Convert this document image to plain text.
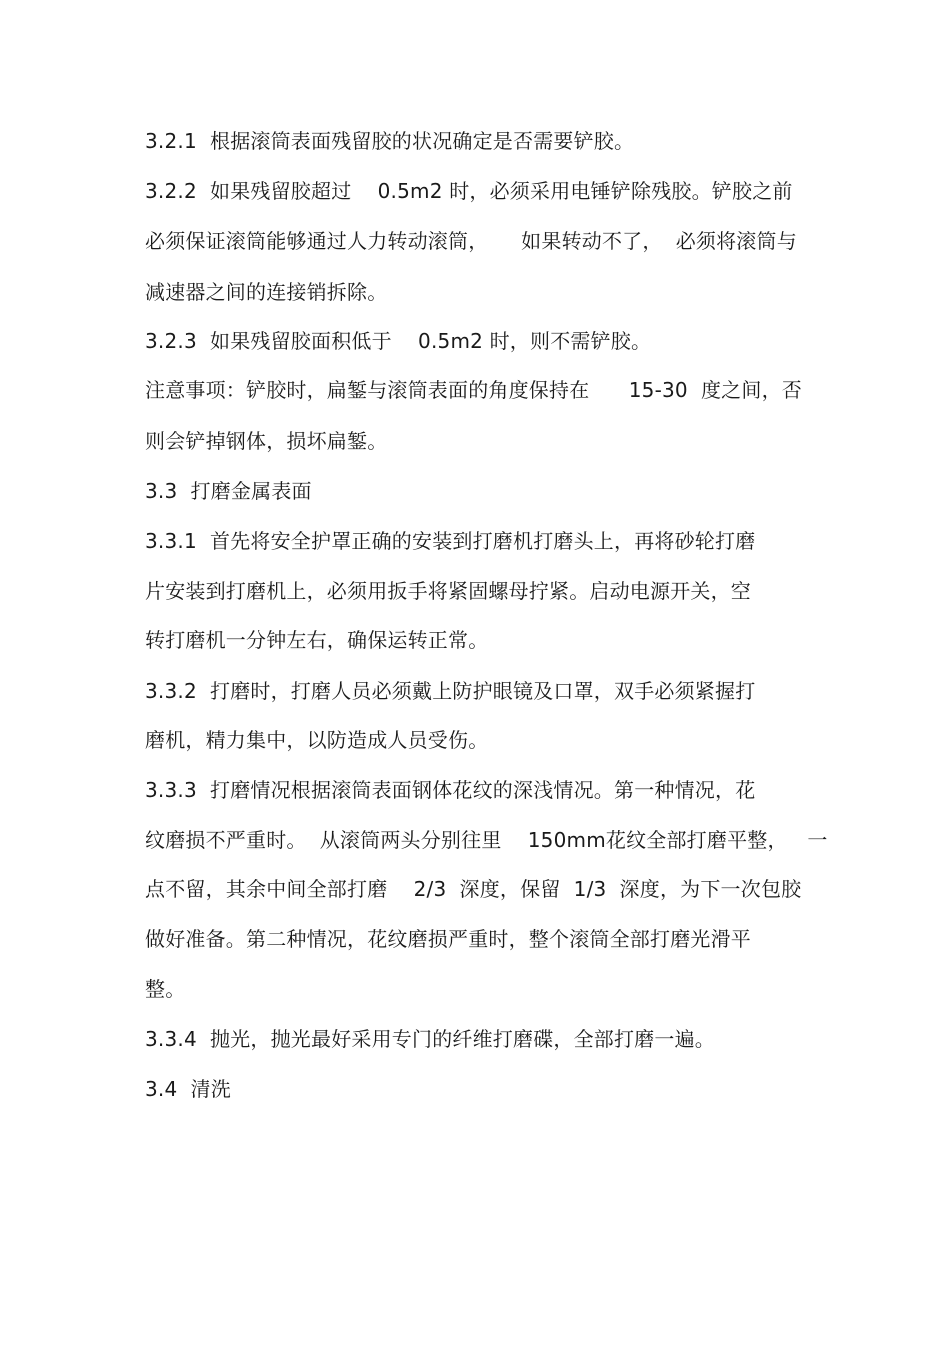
3.2.1  根据滚筒表面残留胶的状况确定是否需要铲胶。
3.2.2  如果残留胶超过    0.5m2 时，必须采用电锤铲除残胶。铲胶之前
必须保证滚筒能够通过人力转动滚筒，     如果转动不了，  必须将滚筒与
减速器之间的连接销拆除。
3.2.3  如果残留胶面积低于    0.5m2 时，则不需铲胶。
注意事项：铲胶时，扁錾与滚筒表面的角度保持在      15-30  度之间，否
则会铲掉钢体，损坏扁錾。
3.3  打磨金属表面
3.3.1  首先将安全护罩正确的安装到打磨机打磨头上，再将砂轮打磨
片安装到打磨机上，必须用扳手将紧固螺母拧紧。启动电源开关，空
转打磨机一分钟左右，确保运转正常。
3.3.2  打磨时，打磨人员必须戴上防护眼镜及口罩，双手必须紧握打
磨机，精力集中，以防造成人员受伤。
3.3.3  打磨情况根据滚筒表面钢体花纹的深浅情况。第一种情况，花
纹磨损不严重时。  从滚筒两头分别往里    150mm花纹全部打磨平整，   一
点不留，其余中间全部打磨    2/3  深度，保留  1/3  深度，为下一次包胶
做好准备。第二种情况，花纹磨损严重时，整个滚筒全部打磨光滑平
整。
3.3.4  抛光，抛光最好采用专门的纤维打磨碟，全部打磨一遍。
3.4  清洗
